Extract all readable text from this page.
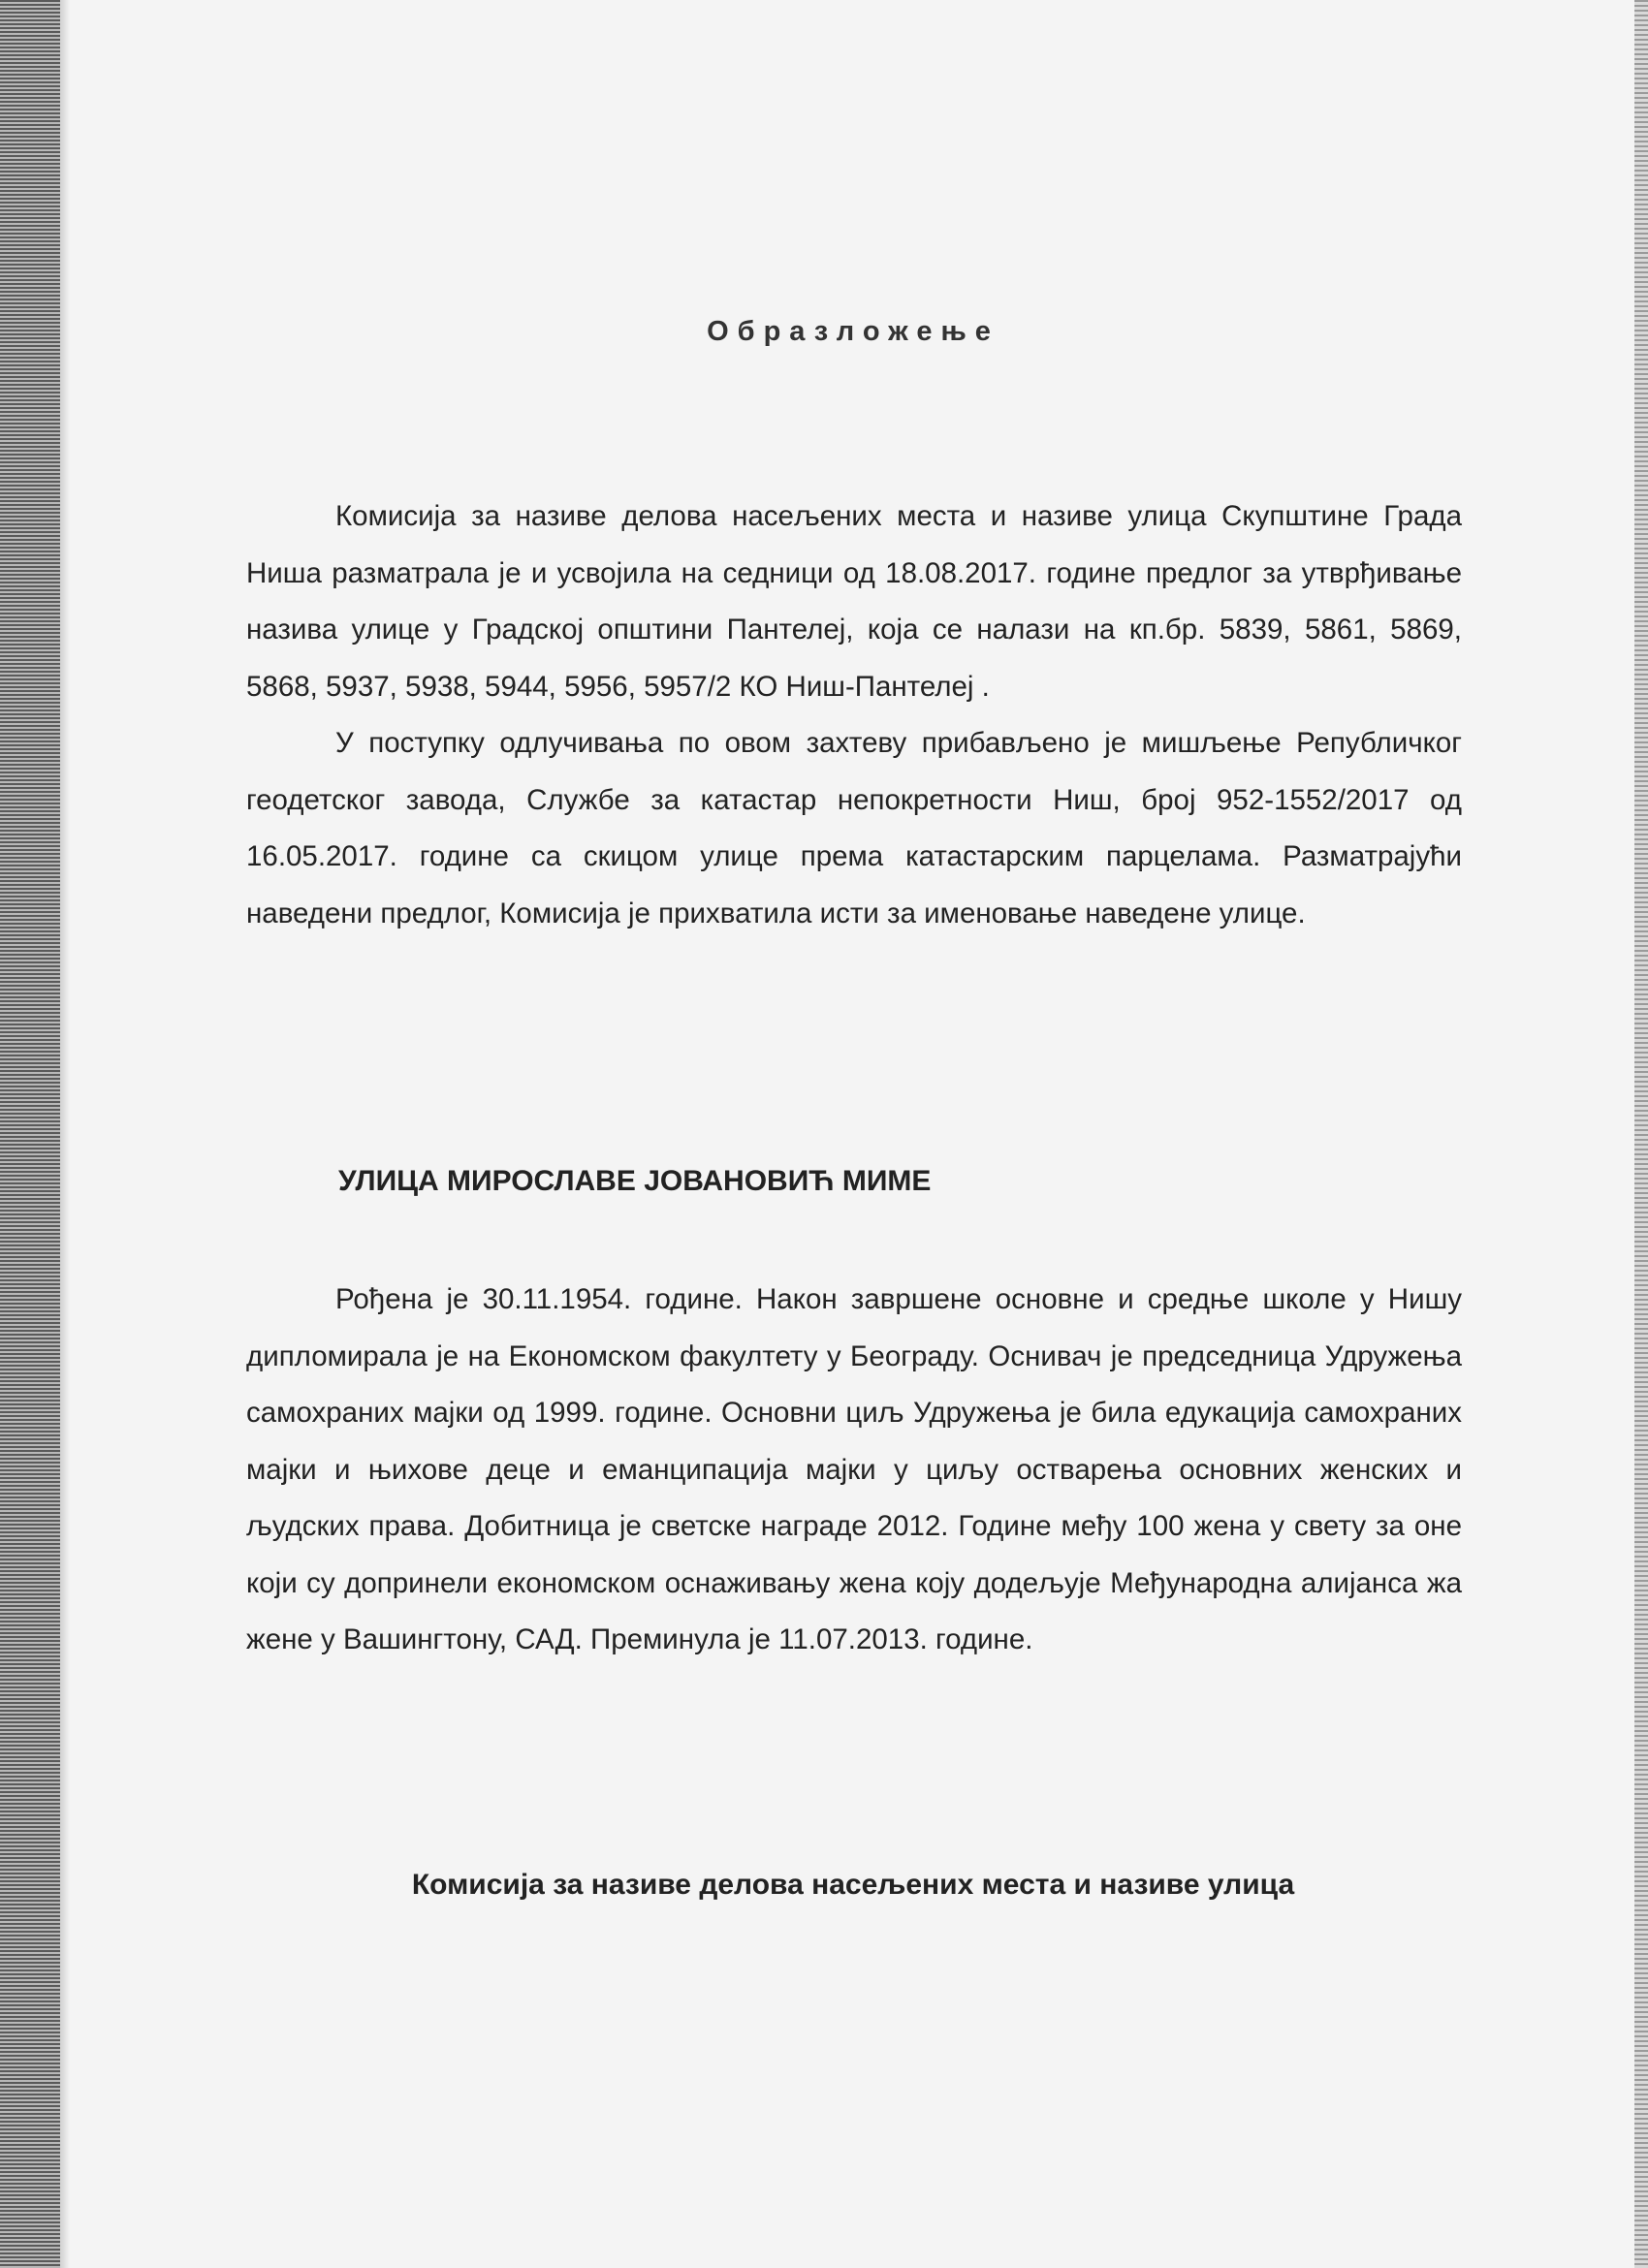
Образложење

Комисија за називе делова насељених места и називе улица Скупштине Града Ниша разматрала је и усвојила на седници од 18.08.2017. године предлог за утврђивање назива улице у Градској општини Пантелеј, која се налази на кп.бр. 5839, 5861, 5869, 5868, 5937, 5938, 5944, 5956, 5957/2 КО Ниш-Пантелеј .

У поступку одлучивања по овом захтеву прибављено је мишљење Републичког геодетског завода, Службе за катастар непокретности Ниш, број 952-1552/2017 од 16.05.2017. године са скицом улице према катастарским парцелама. Разматрајући наведени предлог, Комисија је прихватила исти за именовање наведене улице.

УЛИЦА МИРОСЛАВЕ ЈОВАНОВИЋ МИМЕ

Рођена је 30.11.1954. године. Након завршене основне и средње школе у Нишу дипломирала је на Економском факултету у Београду. Оснивач је председница Удружења самохраних мајки од 1999. године. Основни циљ Удружења је била едукација самохраних мајки и њихове деце и еманципација мајки у циљу остварења основних женских и људских права. Добитница је светске награде 2012. Године међу 100 жена у свету за оне који су допринели економском оснаживању жена коју додељује Међународна алијанса жа жене у Вашингтону, САД. Преминула је 11.07.2013. године.

Комисија за називе делова насељених места и називе улица
